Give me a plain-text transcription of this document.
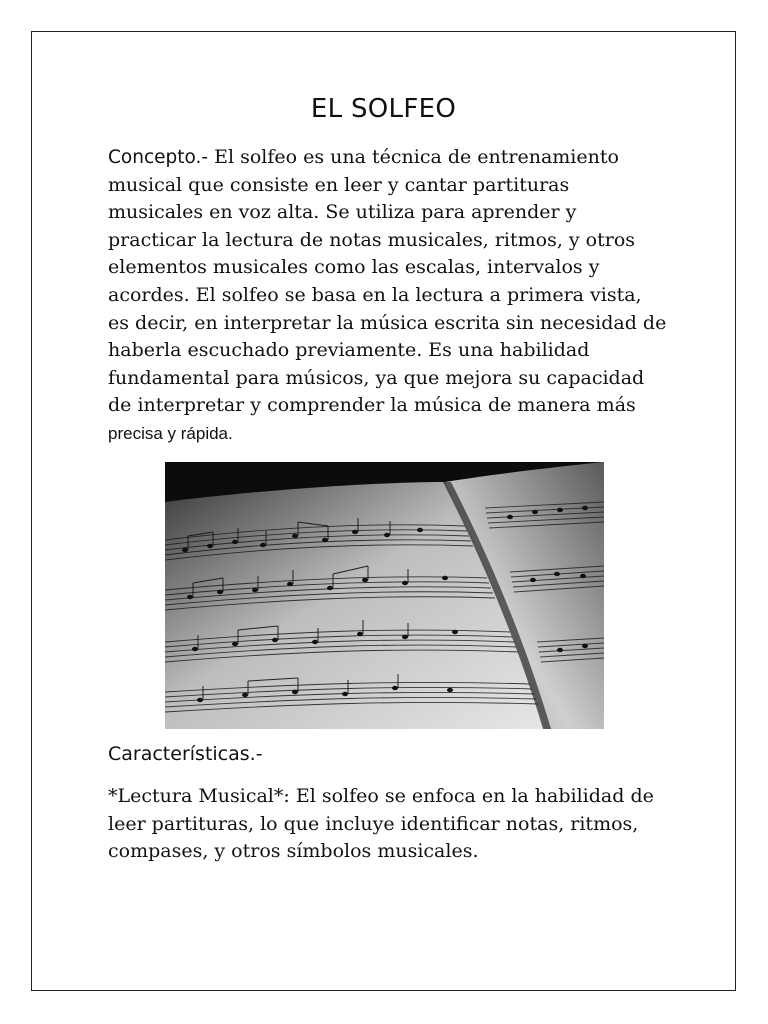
EL SOLFEO
Concepto.- El solfeo es una técnica de entrenamiento musical que consiste en leer y cantar partituras musicales en voz alta. Se utiliza para aprender y practicar la lectura de notas musicales, ritmos, y otros elementos musicales como las escalas, intervalos y acordes. El solfeo se basa en la lectura a primera vista, es decir, en interpretar la música escrita sin necesidad de haberla escuchado previamente. Es una habilidad fundamental para músicos, ya que mejora su capacidad de interpretar y comprender la música de manera más precisa y rápida.
Características.-
*Lectura Musical*: El solfeo se enfoca en la habilidad de leer partituras, lo que incluye identificar notas, ritmos, compases, y otros símbolos musicales.
